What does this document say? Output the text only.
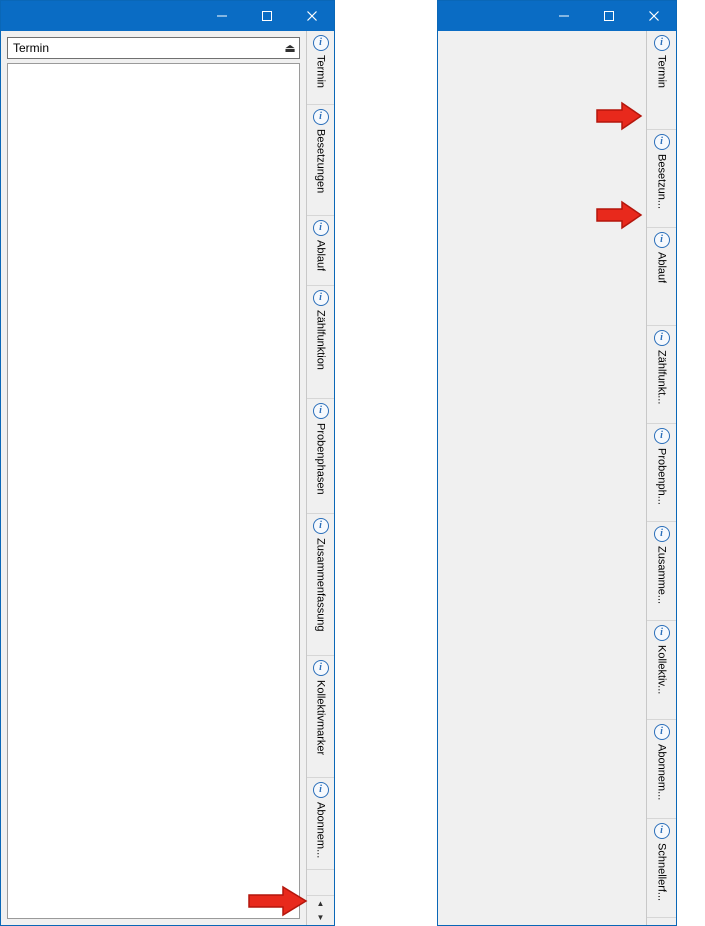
Termin	⏏	i
Termin
i
Besetzungen
i
Ablauf
i
Zählfunktion
i
Probenphasen
i
Zusammenfassung
i
Kollektivmarker
i
Abonnem...
▲
▼
i
Termin
i
Besetzun...
i
Ablauf
i
Zählfunkt...
i
Probenph...
i
Zusamme...
i
Kollektiv...
i
Abonnem...
i
Schnellerf...
